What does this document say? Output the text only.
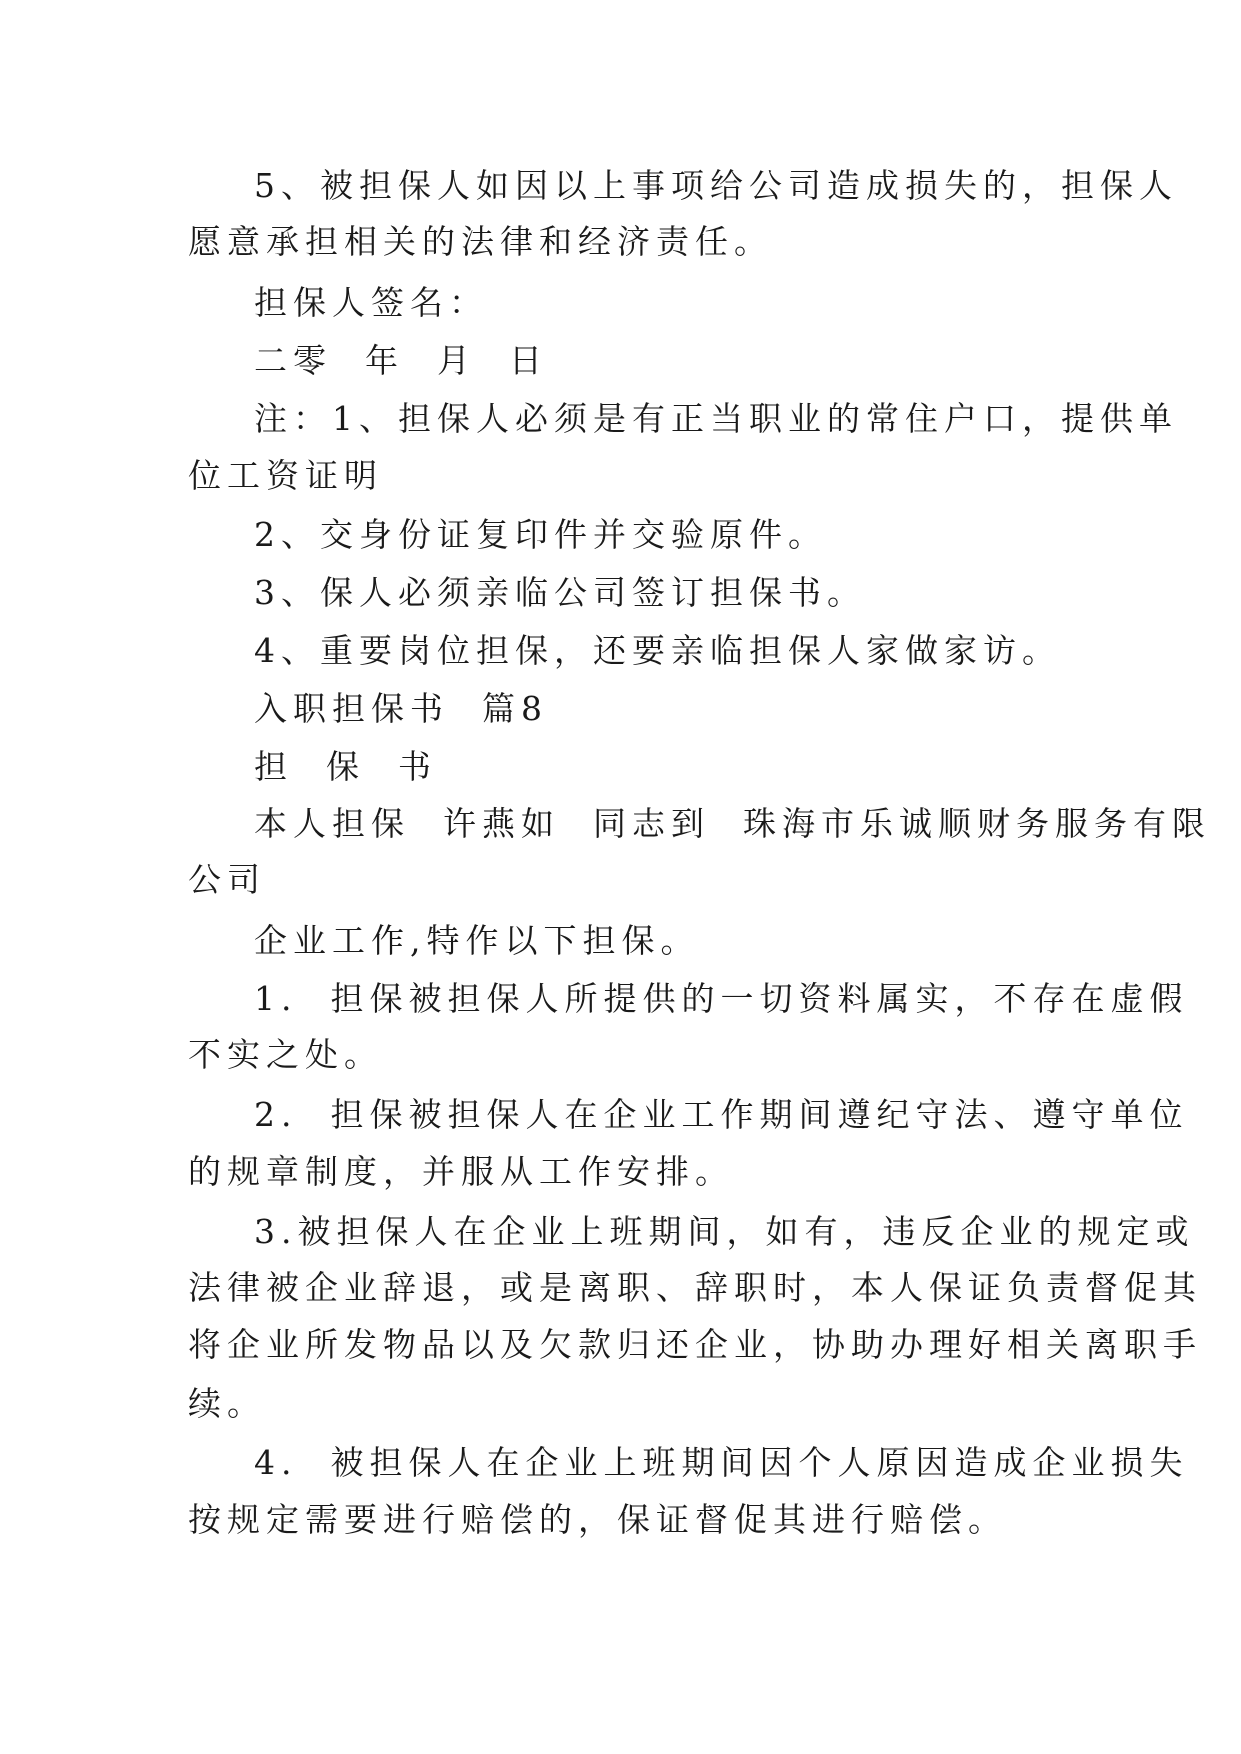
5、被担保人如因以上事项给公司造成损失的，担保人
愿意承担相关的法律和经济责任。
担保人签名：
二零  年  月  日
注：1、担保人必须是有正当职业的常住户口，提供单
位工资证明
2、交身份证复印件并交验原件。
3、保人必须亲临公司签订担保书。
4、重要岗位担保，还要亲临担保人家做家访。
入职担保书  篇8
担  保  书
本人担保  许燕如  同志到  珠海市乐诚顺财务服务有限
公司
企业工作,特作以下担保。
1.  担保被担保人所提供的一切资料属实，不存在虚假
不实之处。
2.  担保被担保人在企业工作期间遵纪守法、遵守单位
的规章制度，并服从工作安排。
3.被担保人在企业上班期间，如有，违反企业的规定或
法律被企业辞退，或是离职、辞职时，本人保证负责督促其
将企业所发物品以及欠款归还企业，协助办理好相关离职手
续。
4.  被担保人在企业上班期间因个人原因造成企业损失
按规定需要进行赔偿的，保证督促其进行赔偿。
